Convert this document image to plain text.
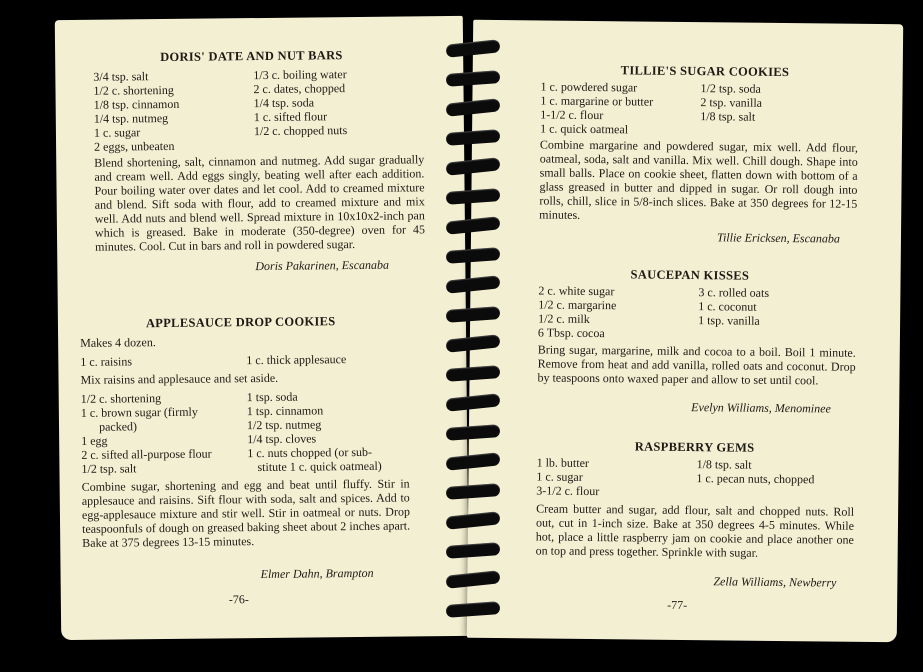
DORIS' DATE AND NUT BARS
3/4 tsp. salt
1/2 c. shortening
1/8 tsp. cinnamon
1/4 tsp. nutmeg
1 c. sugar
2 eggs, unbeaten
1/3 c. boiling water
2 c. dates, chopped
1/4 tsp. soda
1 c. sifted flour
1/2 c. chopped nuts
Blend shortening, salt, cinnamon and nutmeg. Add sugar gradually and cream well. Add eggs singly, beating well after each addition. Pour boiling water over dates and let cool. Add to creamed mixture and blend. Sift soda with flour, add to creamed mixture and mix well. Add nuts and blend well. Spread mixture in 10x10x2-inch pan which is greased. Bake in moderate (350-degree) oven for 45 minutes. Cool. Cut in bars and roll in powdered sugar.
Doris Pakarinen, Escanaba
APPLESAUCE DROP COOKIES
Makes 4 dozen.
1 c. raisins	1 c. thick applesauce
Mix raisins and applesauce and set aside.
1/2 c. shortening
1 c. brown sugar (firmly
packed)
1 egg
2 c. sifted all-purpose flour
1/2 tsp. salt
1 tsp. soda
1 tsp. cinnamon
1/2 tsp. nutmeg
1/4 tsp. cloves
1 c. nuts chopped (or sub-
stitute 1 c. quick oatmeal)
Combine sugar, shortening and egg and beat until fluffy. Stir in applesauce and raisins. Sift flour with soda, salt and spices. Add to egg-applesauce mixture and stir well. Stir in oatmeal or nuts. Drop teaspoonfuls of dough on greased baking sheet about 2 inches apart. Bake at 375 degrees 13-15 minutes.
Elmer Dahn, Brampton
-76-
TILLIE'S SUGAR COOKIES
1 c. powdered sugar
1 c. margarine or butter
1-1/2 c. flour
1 c. quick oatmeal
1/2 tsp. soda
2 tsp. vanilla
1/8 tsp. salt
Combine margarine and powdered sugar, mix well. Add flour, oatmeal, soda, salt and vanilla. Mix well. Chill dough. Shape into small balls. Place on cookie sheet, flatten down with bottom of a glass greased in butter and dipped in sugar. Or roll dough into rolls, chill, slice in 5/8-inch slices. Bake at 350 degrees for 12-15 minutes.
Tillie Ericksen, Escanaba
SAUCEPAN KISSES
2 c. white sugar
1/2 c. margarine
1/2 c. milk
6 Tbsp. cocoa
3 c. rolled oats
1 c. coconut
1 tsp. vanilla
Bring sugar, margarine, milk and cocoa to a boil. Boil 1 minute. Remove from heat and add vanilla, rolled oats and coconut. Drop by teaspoons onto waxed paper and allow to set until cool.
Evelyn Williams, Menominee
RASPBERRY GEMS
1 lb. butter
1 c. sugar
3-1/2 c. flour
1/8 tsp. salt
1 c. pecan nuts, chopped
Cream butter and sugar, add flour, salt and chopped nuts. Roll out, cut in 1-inch size. Bake at 350 degrees 4-5 minutes. While hot, place a little raspberry jam on cookie and place another one on top and press together. Sprinkle with sugar.
Zella Williams, Newberry
-77-
